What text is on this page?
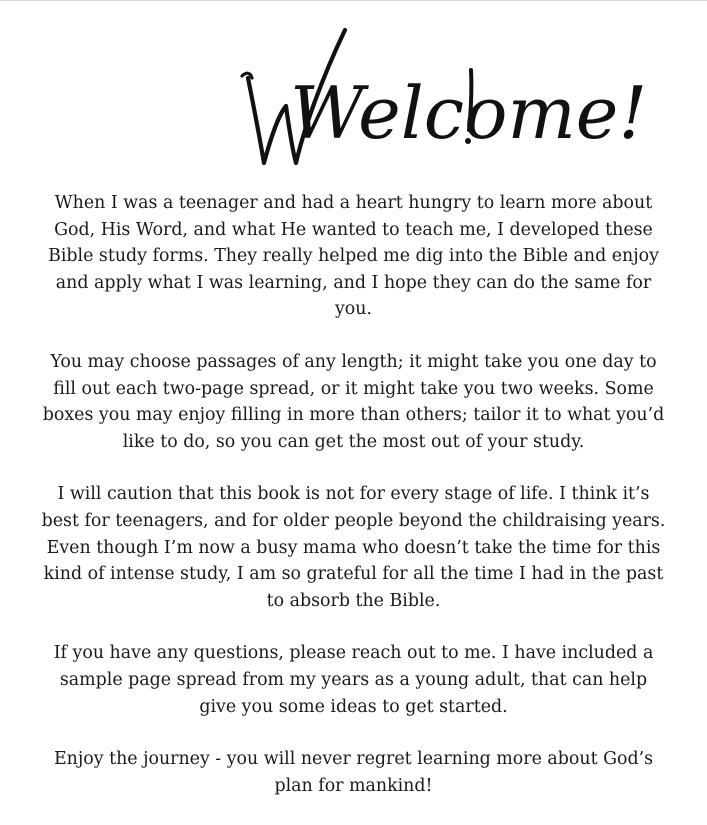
Welcome!

When I was a teenager and had a heart hungry to learn more about God, His Word, and what He wanted to teach me, I developed these Bible study forms. They really helped me dig into the Bible and enjoy and apply what I was learning, and I hope they can do the same for you.

You may choose passages of any length; it might take you one day to fill out each two-page spread, or it might take you two weeks. Some boxes you may enjoy filling in more than others; tailor it to what you’d like to do, so you can get the most out of your study.

I will caution that this book is not for every stage of life. I think it’s best for teenagers, and for older people beyond the childraising years. Even though I’m now a busy mama who doesn’t take the time for this kind of intense study, I am so grateful for all the time I had in the past to absorb the Bible.

If you have any questions, please reach out to me. I have included a sample page spread from my years as a young adult, that can help give you some ideas to get started.

Enjoy the journey - you will never regret learning more about God’s plan for mankind!
